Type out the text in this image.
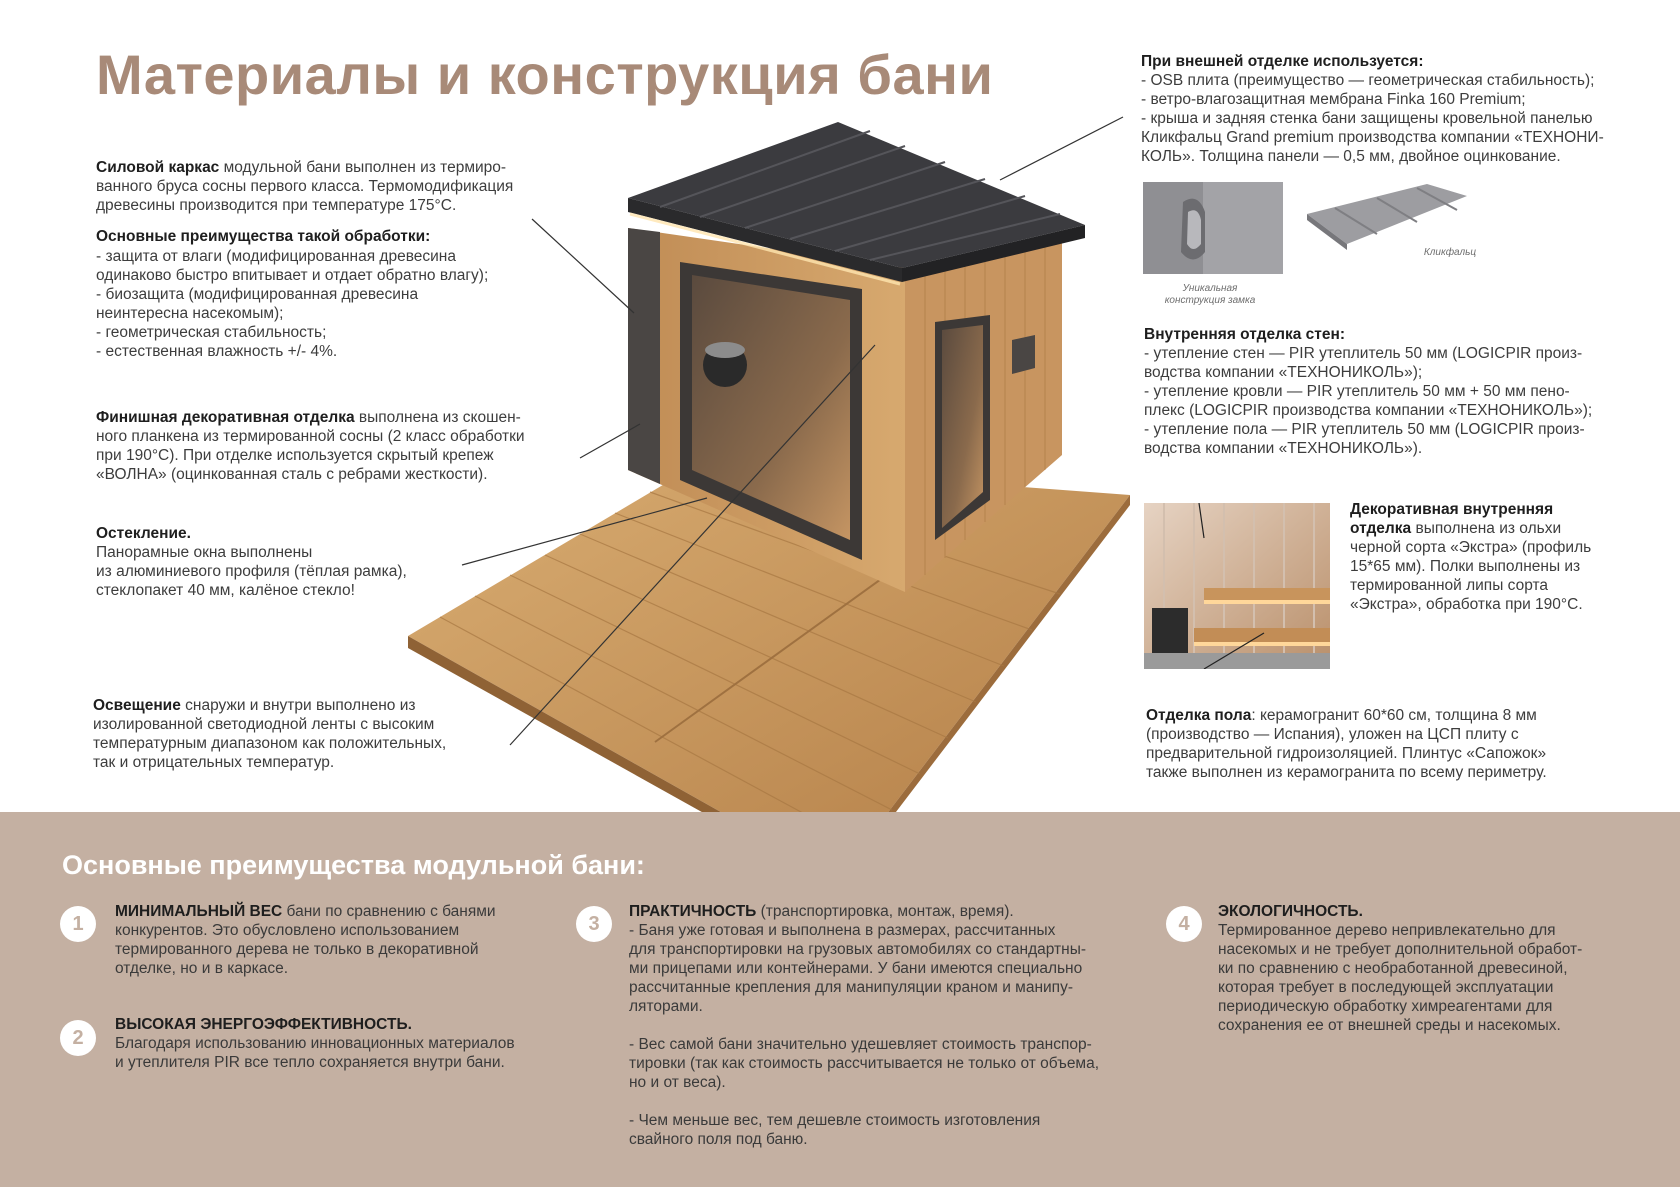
Материалы и конструкция бани
Силовой каркас модульной бани выполнен из термиро-
ванного бруса сосны первого класса. Термомодификация
древесины производится при температуре 175°С.
Основные преимущества такой обработки:
- защита от влаги (модифицированная древесина
одинаково быстро впитывает и отдает обратно влагу);
- биозащита (модифицированная древесина
неинтересна насекомым);
- геометрическая стабильность;
- естественная влажность +/- 4%.
Финишная декоративная отделка выполнена из скошен-
ного планкена из термированной сосны (2 класс обработки
при 190°С). При отделке используется скрытый крепеж
«ВОЛНА» (оцинкованная сталь с ребрами жесткости).
Остекление.
Панорамные окна выполнены
из алюминиевого профиля (тёплая рамка),
стеклопакет 40 мм, калёное стекло!
Освещение снаружи и внутри выполнено из
изолированной светодиодной ленты с высоким
температурным диапазоном как положительных,
так и отрицательных температур.
При внешней отделке используется:
- OSB плита (преимущество — геометрическая стабильность);
- ветро-влагозащитная мембрана Finka 160 Premium;
- крыша и задняя стенка бани защищены кровельной панелью
Кликфальц Grand premium производства компании «ТЕХНОНИ-
КОЛЬ». Толщина панели — 0,5 мм, двойное оцинкование.
Уникальная
конструкция замка
Кликфальц
Внутренняя отделка стен:
- утепление стен — PIR утеплитель 50 мм (LOGICPIR произ-
водства компании «ТЕХНОНИКОЛЬ»);
- утепление кровли — PIR утеплитель 50 мм + 50 мм пено-
плекс (LOGICPIR производства компании «ТЕХНОНИКОЛЬ»);
- утепление пола — PIR утеплитель 50 мм (LOGICPIR произ-
водства компании «ТЕХНОНИКОЛЬ»).
Декоративная внутренняя
отделка выполнена из ольхи
черной сорта «Экстра» (профиль
15*65 мм). Полки выполнены из
термированной липы сорта
«Экстра», обработка при 190°С.
Отделка пола: керамогранит 60*60 см, толщина 8 мм
(производство — Испания), уложен на ЦСП плиту с
предварительной гидроизоляцией. Плинтус «Сапожок»
также выполнен из керамогранита по всему периметру.
Основные преимущества модульной бани:
1
МИНИМАЛЬНЫЙ ВЕС бани по сравнению с банями
конкурентов. Это обусловлено использованием
термированного дерева не только в декоративной
отделке, но и в каркасе.
2
ВЫСОКАЯ ЭНЕРГОЭФФЕКТИВНОСТЬ.
Благодаря использованию инновационных материалов
и утеплителя PIR все тепло сохраняется внутри бани.
3
ПРАКТИЧНОСТЬ (транспортировка, монтаж, время).
- Баня уже готовая и выполнена в размерах, рассчитанных
для транспортировки на грузовых автомобилях со стандартны-
ми прицепами или контейнерами. У бани имеются специально
рассчитанные крепления для манипуляции краном и манипу-
ляторами.

- Вес самой бани значительно удешевляет стоимость транспор-
тировки (так как стоимость рассчитывается не только от объема,
но и от веса).

- Чем меньше вес, тем дешевле стоимость изготовления
свайного поля под баню.
4
ЭКОЛОГИЧНОСТЬ.
Термированное дерево непривлекательно для
насекомых и не требует дополнительной обработ-
ки по сравнению с необработанной древесиной,
которая требует в последующей эксплуатации
периодическую обработку химреагентами для
сохранения ее от внешней среды и насекомых.
